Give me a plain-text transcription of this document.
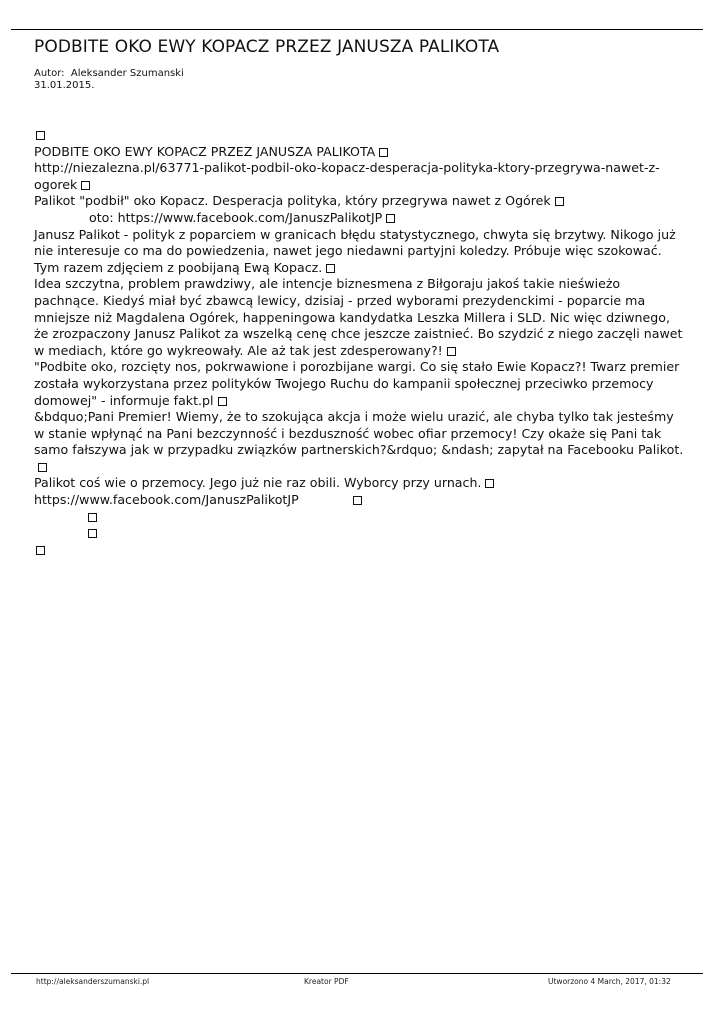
PODBITE OKO EWY KOPACZ PRZEZ JANUSZA PALIKOTA
Autor: Aleksander Szumanski
31.01.2015.
PODBITE OKO EWY KOPACZ PRZEZ JANUSZA PALIKOTA
http://niezalezna.pl/63771-palikot-podbil-oko-kopacz-desperacja-polityka-ktory-przegrywa-nawet-z-
ogorek
Palikot "podbił" oko Kopacz. Desperacja polityka, który przegrywa nawet z Ogórek
oto: https://www.facebook.com/JanuszPalikotJP
Janusz Palikot - polityk z poparciem w granicach błędu statystycznego, chwyta się brzytwy. Nikogo już nie interesuje co ma do powiedzenia, nawet jego niedawni partyjni koledzy. Próbuje więc szokować. Tym razem zdjęciem z poobijaną Ewą Kopacz.
Idea szczytna, problem prawdziwy, ale intencje biznesmena z Biłgoraju jakoś takie nieświeżo pachnące. Kiedyś miał być zbawcą lewicy, dzisiaj - przed wyborami prezydenckimi - poparcie ma mniejsze niż Magdalena Ogórek, happeningowa kandydatka Leszka Millera i SLD. Nic więc dziwnego, że zrozpaczony Janusz Palikot za wszelką cenę chce jeszcze zaistnieć. Bo szydzić z niego zaczęli nawet w mediach, które go wykreowały. Ale aż tak jest zdesperowany?!
"Podbite oko, rozcięty nos, pokrwawione i porozbijane wargi. Co się stało Ewie Kopacz?! Twarz premier została wykorzystana przez polityków Twojego Ruchu do kampanii społecznej przeciwko przemocy domowej" - informuje fakt.pl
&bdquo;Pani Premier! Wiemy, że to szokująca akcja i może wielu urazić, ale chyba tylko tak jesteśmy w stanie wpłynąć na Pani bezczynność i bezduszność wobec ofiar przemocy! Czy okaże się Pani tak samo fałszywa jak w przypadku związków partnerskich?&rdquo; &ndash; zapytał na Facebooku Palikot.
Palikot coś wie o przemocy. Jego już nie raz obili. Wyborcy przy urnach.
https://www.facebook.com/JanuszPalikotJP
http://aleksanderszumanski.pl	Kreator PDF	Utworzono 4 March, 2017, 01:32
